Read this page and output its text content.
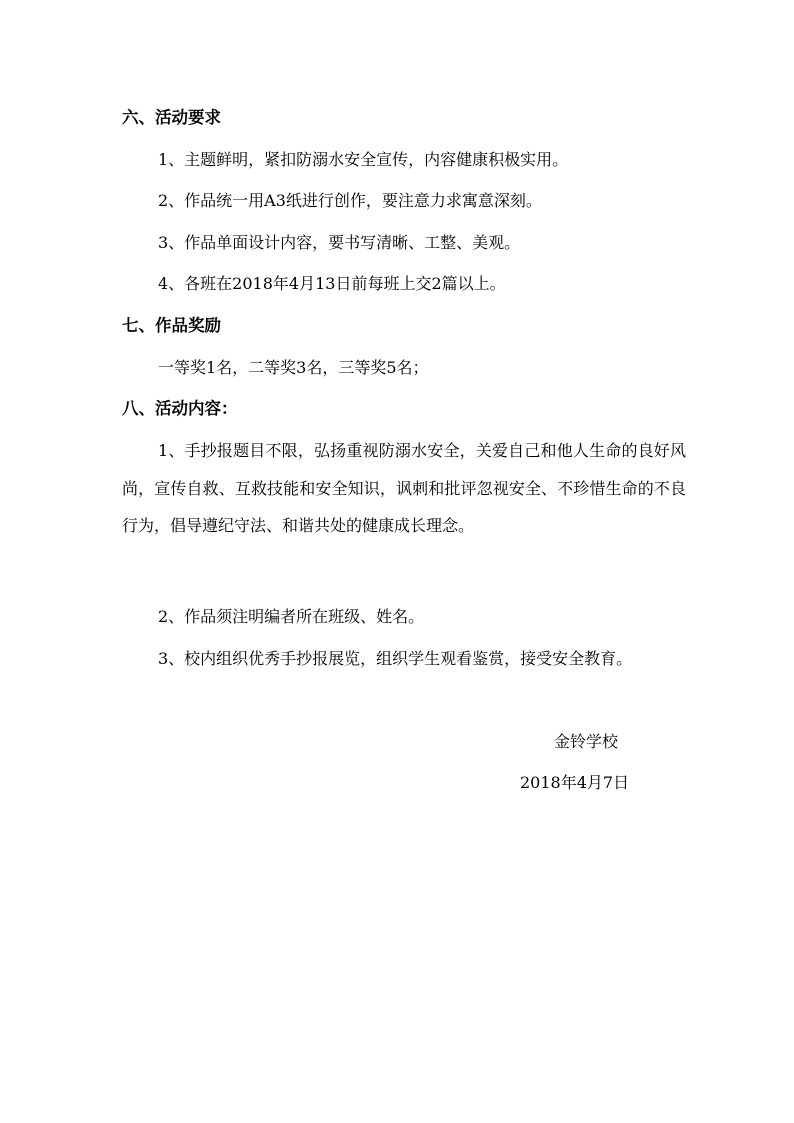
六、活动要求
1、主题鲜明，紧扣防溺水安全宣传，内容健康积极实用。
2、作品统一用A3纸进行创作，要注意力求寓意深刻。
3、作品单面设计内容，要书写清晰、工整、美观。
4、各班在2018年4月13日前每班上交2篇以上。
七、作品奖励
一等奖1名，二等奖3名，三等奖5名；
八、活动内容：
1、手抄报题目不限，弘扬重视防溺水安全，关爱自己和他人生命的良好风尚，宣传自救、互救技能和安全知识，讽刺和批评忽视安全、不珍惜生命的不良行为，倡导遵纪守法、和谐共处的健康成长理念。
2、作品须注明编者所在班级、姓名。
3、校内组织优秀手抄报展览，组织学生观看鉴赏，接受安全教育。
金铃学校
2018年4月7日
